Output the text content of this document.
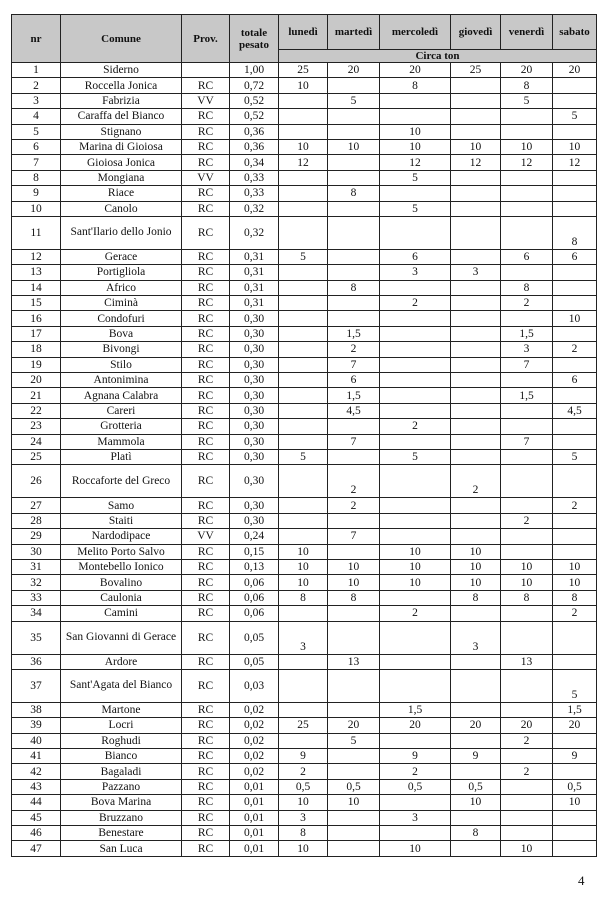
nr	Comune	Prov.	totale pesato	lunedì	martedì	mercoledì	giovedì	venerdì	sabato
				Circa ton					
1	Siderno		1,00	25	20	20	25	20	20
2	Roccella Jonica	RC	0,72	10		8		8	
3	Fabrizia	VV	0,52		5			5	
4	Caraffa del Bianco	RC	0,52						5
5	Stignano	RC	0,36			10			
6	Marina di Gioiosa	RC	0,36	10	10	10	10	10	10
7	Gioiosa Jonica	RC	0,34	12		12	12	12	12
8	Mongiana	VV	0,33			5			
9	Riace	RC	0,33		8				
10	Canolo	RC	0,32			5			
11	Sant'Ilario dello Jonio	RC	0,32						8
12	Gerace	RC	0,31	5		6		6	6
13	Portigliola	RC	0,31			3	3		
14	Africo	RC	0,31		8			8	
15	Ciminà	RC	0,31			2		2	
16	Condofuri	RC	0,30						10
17	Bova	RC	0,30		1,5			1,5	
18	Bivongi	RC	0,30		2			3	2
19	Stilo	RC	0,30		7			7	
20	Antonimina	RC	0,30		6				6
21	Agnana Calabra	RC	0,30		1,5			1,5	
22	Careri	RC	0,30		4,5				4,5
23	Grotteria	RC	0,30			2			
24	Mammola	RC	0,30		7			7	
25	Platì	RC	0,30	5		5			5
26	Roccaforte del Greco	RC	0,30		2		2		
27	Samo	RC	0,30		2				2
28	Staiti	RC	0,30					2	
29	Nardodipace	VV	0,24		7				
30	Melito Porto Salvo	RC	0,15	10		10	10		
31	Montebello Ionico	RC	0,13	10	10	10	10	10	10
32	Bovalino	RC	0,06	10	10	10	10	10	10
33	Caulonia	RC	0,06	8	8		8	8	8
34	Camini	RC	0,06			2			2
35	San Giovanni di Gerace	RC	0,05	3			3		
36	Ardore	RC	0,05		13			13	
37	Sant'Agata del Bianco	RC	0,03						5
38	Martone	RC	0,02			1,5			1,5
39	Locri	RC	0,02	25	20	20	20	20	20
40	Roghudi	RC	0,02		5			2	
41	Bianco	RC	0,02	9		9	9		9
42	Bagaladi	RC	0,02	2		2		2	
43	Pazzano	RC	0,01	0,5	0,5	0,5	0,5		0,5
44	Bova Marina	RC	0,01	10	10		10		10
45	Bruzzano	RC	0,01	3		3			
46	Benestare	RC	0,01	8			8		
47	San Luca	RC	0,01	10		10		10	
4
